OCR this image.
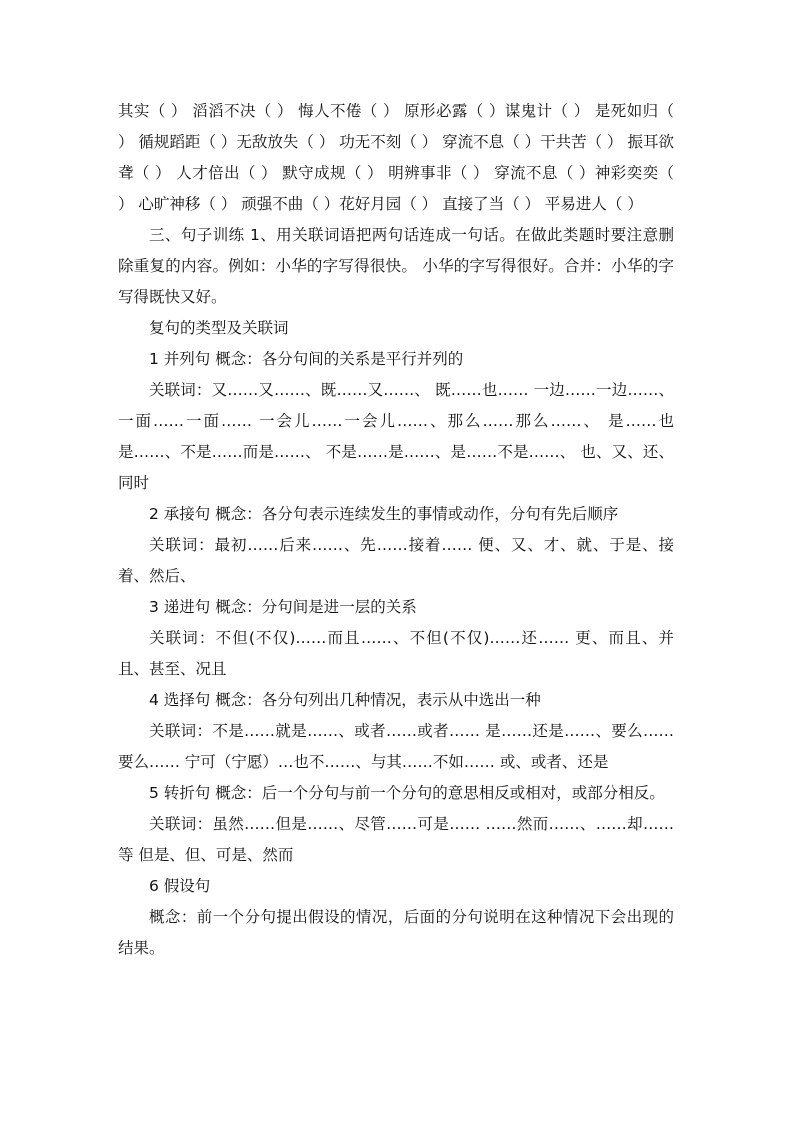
其实（ ） 滔滔不决（ ） 悔人不倦（ ） 原形必露（ ）谋鬼计（ ） 是死如归（ ） 循规蹈距（ ）无敌放失（ ） 功无不刻（ ） 穿流不息（ ）干共苦（ ） 振耳欲聋（ ） 人才倍出（ ） 默守成规（ ） 明辨事非（ ） 穿流不息（ ）神彩奕奕（ ） 心旷神移（ ） 顽强不曲（ ）花好月园（ ） 直接了当（ ） 平易进人（ ）

三、句子训练 1、用关联词语把两句话连成一句话。在做此类题时要注意删除重复的内容。例如：小华的字写得很快。 小华的字写得很好。合并：小华的字写得既快又好。

复句的类型及关联词

1 并列句 概念：各分句间的关系是平行并列的

关联词：又……又……、既……又……、 既……也…… 一边……一边……、一面……一面…… 一会儿……一会儿……、那么……那么……、 是……也是……、不是……而是……、 不是……是……、是……不是……、 也、又、还、同时

2 承接句 概念：各分句表示连续发生的事情或动作，分句有先后顺序

关联词：最初……后来……、先……接着…… 便、又、才、就、于是、接着、然后、

3 递进句 概念：分句间是进一层的关系

关联词：不但(不仅)……而且……、不但(不仅)……还…… 更、而且、并且、甚至、况且

4 选择句 概念：各分句列出几种情况，表示从中选出一种

关联词：不是……就是……、或者……或者…… 是……还是……、要么……要么…… 宁可（宁愿）…也不……、与其……不如…… 或、或者、还是

5 转折句 概念：后一个分句与前一个分句的意思相反或相对，或部分相反。

关联词：虽然……但是……、尽管……可是…… ……然而……、……却……等 但是、但、可是、然而

6 假设句

概念：前一个分句提出假设的情况，后面的分句说明在这种情况下会出现的结果。
